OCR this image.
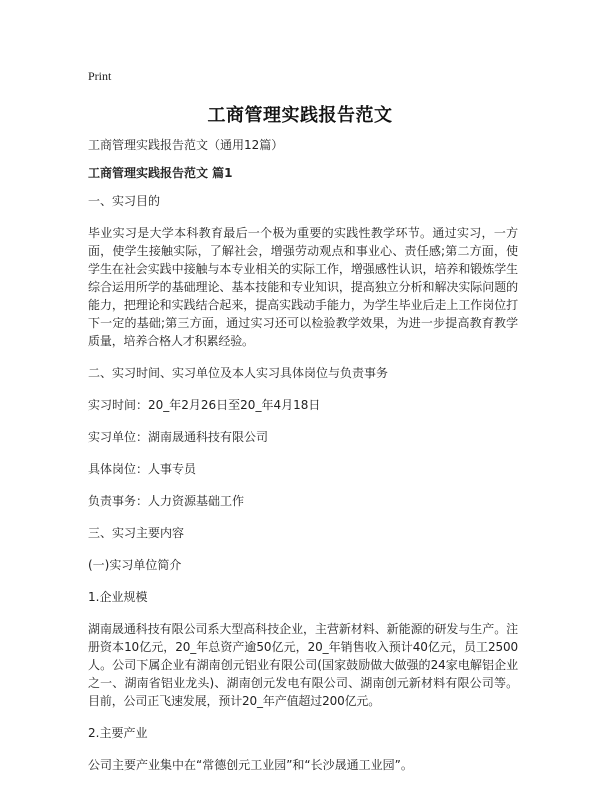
Print
工商管理实践报告范文

工商管理实践报告范文（通用12篇）

工商管理实践报告范文 篇1

一、实习目的

毕业实习是大学本科教育最后一个极为重要的实践性教学环节。通过实习，一方面，使学生接触实际，了解社会，增强劳动观点和事业心、责任感;第二方面，使学生在社会实践中接触与本专业相关的实际工作，增强感性认识，培养和锻炼学生综合运用所学的基础理论、基本技能和专业知识，提高独立分析和解决实际问题的能力，把理论和实践结合起来，提高实践动手能力，为学生毕业后走上工作岗位打下一定的基础;第三方面，通过实习还可以检验教学效果，为进一步提高教育教学质量，培养合格人才积累经验。

二、实习时间、实习单位及本人实习具体岗位与负责事务

实习时间：20_年2月26日至20_年4月18日

实习单位：湖南晟通科技有限公司

具体岗位：人事专员

负责事务：人力资源基础工作

三、实习主要内容

(一)实习单位简介

1.企业规模

湖南晟通科技有限公司系大型高科技企业，主营新材料、新能源的研发与生产。注册资本10亿元，20_年总资产逾50亿元，20_年销售收入预计40亿元，员工2500人。公司下属企业有湖南创元铝业有限公司(国家鼓励做大做强的24家电解铝企业之一、湖南省铝业龙头)、湖南创元发电有限公司、湖南创元新材料有限公司等。目前，公司正飞速发展，预计20_年产值超过200亿元。

2.主要产业

公司主要产业集中在“常德创元工业园”和“长沙晟通工业园”。
